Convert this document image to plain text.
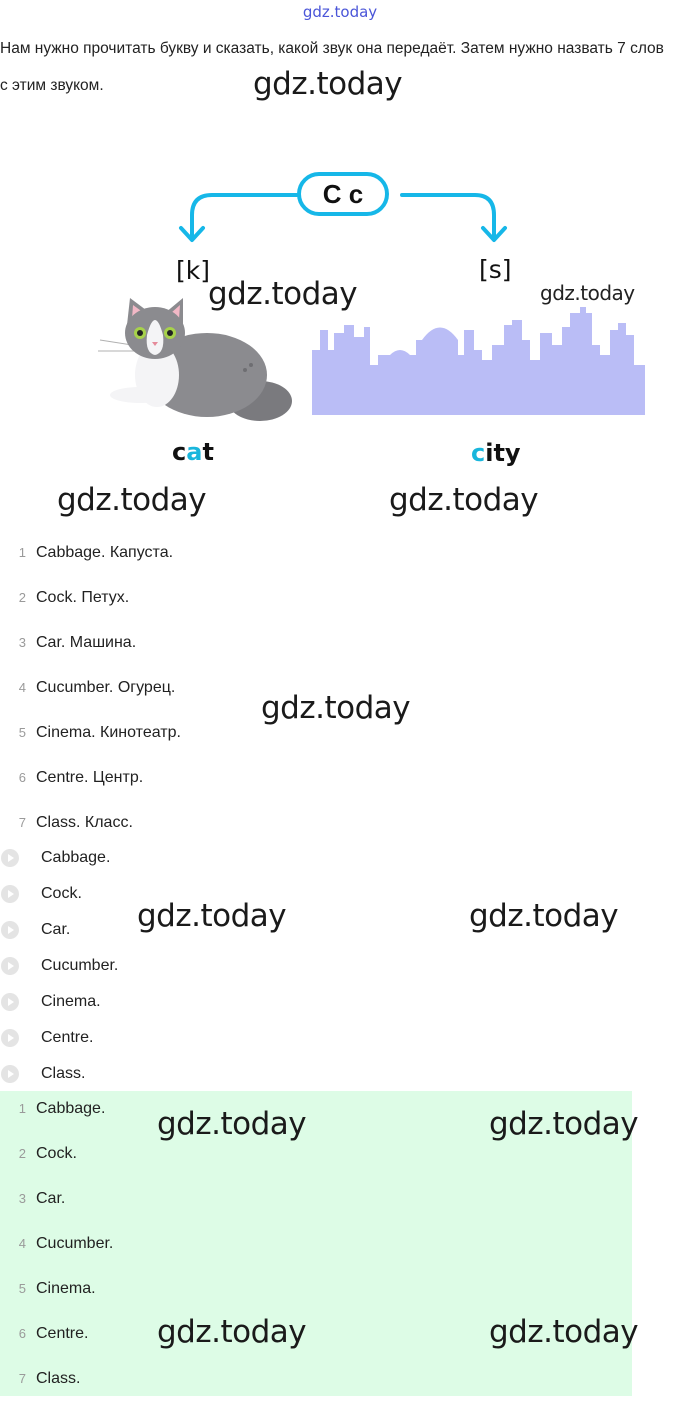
gdz.today
Нам нужно прочитать букву и сказать, какой звук она передаёт. Затем нужно назвать 7 слов с этим звуком.	gdz.today
gdz.today	gdz.today
gdz.today	gdz.today
gdz.today
gdz.today	gdz.today
C c
[k]	[s]
cat	city
1 Cabbage. Капуста.
2 Cock. Петух.
3 Car. Машина.
4 Cucumber. Огурец.
5 Cinema. Кинотеатр.
6 Centre. Центр.
7 Class. Класс.
Cabbage.
Cock.
Car.
Cucumber.
Cinema.
Centre.
Class.
1 Cabbage.
2 Cock.
3 Car.
4 Cucumber.
5 Cinema.
6 Centre.
7 Class.
gdz.today	gdz.today
gdz.today	gdz.today
